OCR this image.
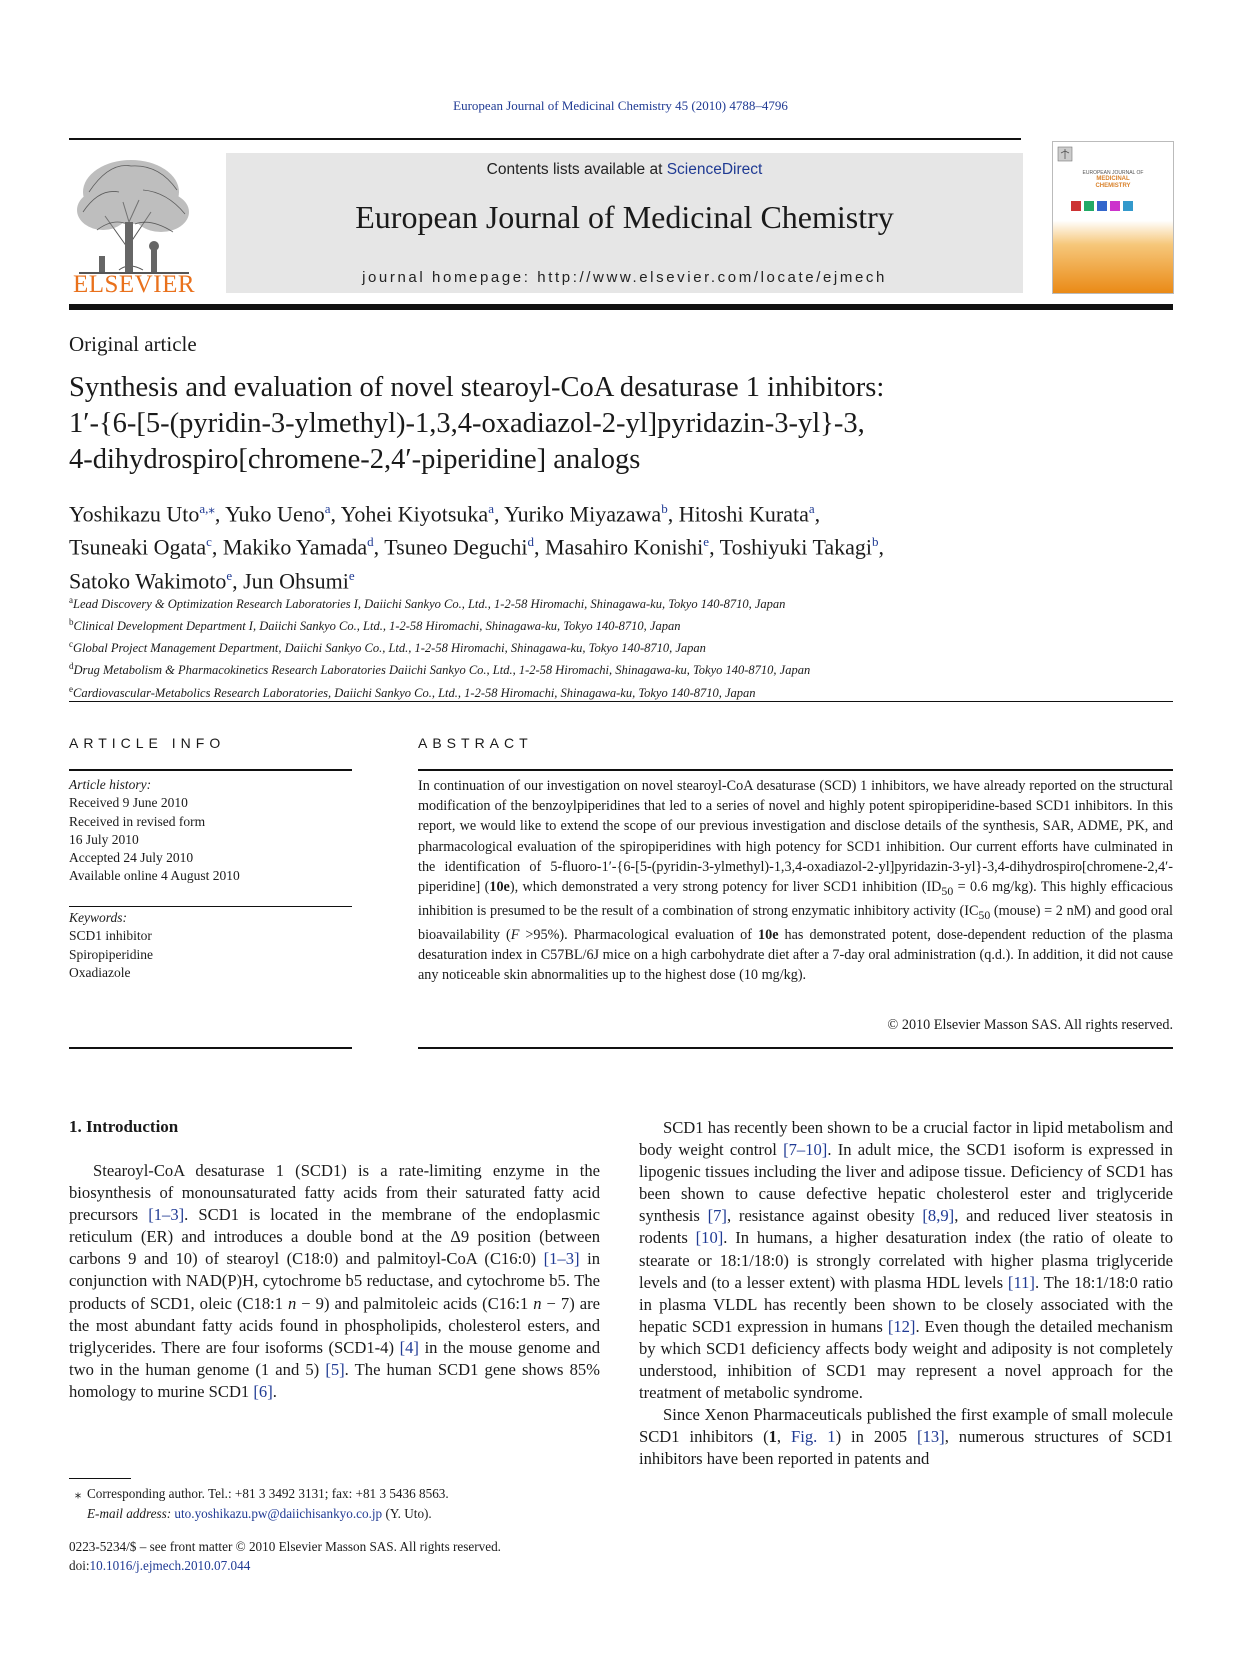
European Journal of Medicinal Chemistry 45 (2010) 4788–4796
ELSEVIER
Contents lists available at ScienceDirect
European Journal of Medicinal Chemistry
journal homepage: http://www.elsevier.com/locate/ejmech
EUROPEAN JOURNAL OF
MEDICINAL
CHEMISTRY
Original article
Synthesis and evaluation of novel stearoyl-CoA desaturase 1 inhibitors:
1′-{6-[5-(pyridin-3-ylmethyl)-1,3,4-oxadiazol-2-yl]pyridazin-3-yl}-3,
4-dihydrospiro[chromene-2,4′-piperidine] analogs
Yoshikazu Uto$^{a,⁎}$, Yuko Ueno$^a$, Yohei Kiyotsuka$^a$, Yuriko Miyazawa$^b$, Hitoshi Kurata$^a$,
Tsuneaki Ogata$^c$, Makiko Yamada$^d$, Tsuneo Deguchi$^d$, Masahiro Konishi$^e$, Toshiyuki Takagi$^b$,
Satoko Wakimoto$^e$, Jun Ohsumi$^e$
$^a$Lead Discovery & Optimization Research Laboratories I, Daiichi Sankyo Co., Ltd., 1-2-58 Hiromachi, Shinagawa-ku, Tokyo 140-8710, Japan
$^b$Clinical Development Department I, Daiichi Sankyo Co., Ltd., 1-2-58 Hiromachi, Shinagawa-ku, Tokyo 140-8710, Japan
$^c$Global Project Management Department, Daiichi Sankyo Co., Ltd., 1-2-58 Hiromachi, Shinagawa-ku, Tokyo 140-8710, Japan
$^d$Drug Metabolism & Pharmacokinetics Research Laboratories Daiichi Sankyo Co., Ltd., 1-2-58 Hiromachi, Shinagawa-ku, Tokyo 140-8710, Japan
$^e$Cardiovascular-Metabolics Research Laboratories, Daiichi Sankyo Co., Ltd., 1-2-58 Hiromachi, Shinagawa-ku, Tokyo 140-8710, Japan
ARTICLE INFO
Article history:
Received 9 June 2010
Received in revised form
16 July 2010
Accepted 24 July 2010
Available online 4 August 2010
Keywords:
SCD1 inhibitor
Spiropiperidine
Oxadiazole
ABSTRACT
In continuation of our investigation on novel stearoyl-CoA desaturase (SCD) 1 inhibitors, we have already reported on the structural modification of the benzoylpiperidines that led to a series of novel and highly potent spiropiperidine-based SCD1 inhibitors. In this report, we would like to extend the scope of our previous investigation and disclose details of the synthesis, SAR, ADME, PK, and pharmacological evaluation of the spiropiperidines with high potency for SCD1 inhibition. Our current efforts have culminated in the identification of 5-fluoro-1′-{6-[5-(pyridin-3-ylmethyl)-1,3,4-oxadiazol-2-yl]pyridazin-3-yl}-3,4-dihydrospiro[chromene-2,4′-piperidine] (10e), which demonstrated a very strong potency for liver SCD1 inhibition ($ID_{50} = 0.6$ mg/kg). This highly efficacious inhibition is presumed to be the result of a combination of strong enzymatic inhibitory activity ($IC_{50}$ (mouse) = 2 nM) and good oral bioavailability (F >95%). Pharmacological evaluation of 10e has demonstrated potent, dose-dependent reduction of the plasma desaturation index in C57BL/6J mice on a high carbohydrate diet after a 7-day oral administration (q.d.). In addition, it did not cause any noticeable skin abnormalities up to the highest dose (10 mg/kg).
© 2010 Elsevier Masson SAS. All rights reserved.
1. Introduction

Stearoyl-CoA desaturase 1 (SCD1) is a rate-limiting enzyme in the biosynthesis of monounsaturated fatty acids from their saturated fatty acid precursors [1–3]. SCD1 is located in the membrane of the endoplasmic reticulum (ER) and introduces a double bond at the Δ9 position (between carbons 9 and 10) of stearoyl (C18:0) and palmitoyl-CoA (C16:0) [1–3] in conjunction with NAD(P)H, cytochrome b5 reductase, and cytochrome b5. The products of SCD1, oleic (C18:1 n − 9) and palmitoleic acids (C16:1 n − 7) are the most abundant fatty acids found in phospholipids, cholesterol esters, and triglycerides. There are four isoforms (SCD1-4) [4] in the mouse genome and two in the human genome (1 and 5) [5]. The human SCD1 gene shows 85% homology to murine SCD1 [6].

SCD1 has recently been shown to be a crucial factor in lipid metabolism and body weight control [7–10]. In adult mice, the SCD1 isoform is expressed in lipogenic tissues including the liver and adipose tissue. Deficiency of SCD1 has been shown to cause defective hepatic cholesterol ester and triglyceride synthesis [7], resistance against obesity [8,9], and reduced liver steatosis in rodents [10]. In humans, a higher desaturation index (the ratio of oleate to stearate or 18:1/18:0) is strongly correlated with higher plasma triglyceride levels and (to a lesser extent) with plasma HDL levels [11]. The 18:1/18:0 ratio in plasma VLDL has recently been shown to be closely associated with the hepatic SCD1 expression in humans [12]. Even though the detailed mechanism by which SCD1 deficiency affects body weight and adiposity is not completely understood, inhibition of SCD1 may represent a novel approach for the treatment of metabolic syndrome.

Since Xenon Pharmaceuticals published the first example of small molecule SCD1 inhibitors (1, Fig. 1) in 2005 [13], numerous structures of SCD1 inhibitors have been reported in patents and

⁎ Corresponding author. Tel.: +81 3 3492 3131; fax: +81 3 5436 8563.
E-mail address: uto.yoshikazu.pw@daiichisankyo.co.jp (Y. Uto).
0223-5234/$ – see front matter © 2010 Elsevier Masson SAS. All rights reserved.
doi:10.1016/j.ejmech.2010.07.044
